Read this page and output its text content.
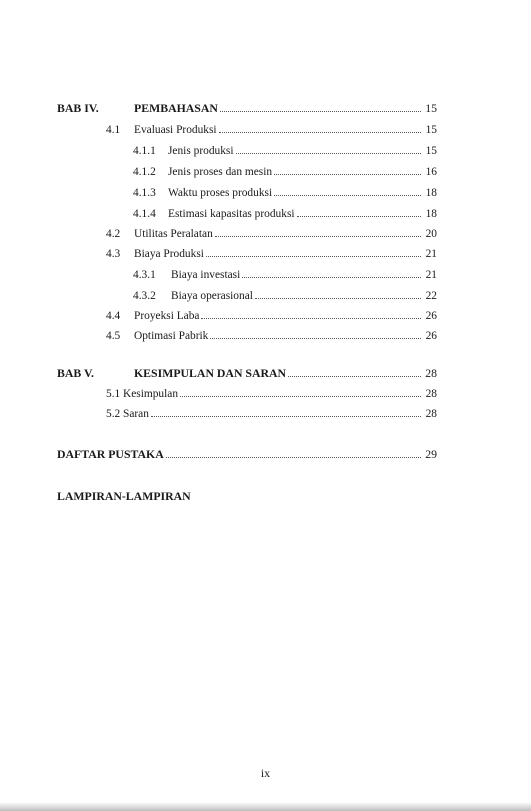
BAB IV.	PEMBAHASAN	15
4.1	Evaluasi Produksi	15
4.1.1	Jenis produksi	15
4.1.2	Jenis proses dan mesin	16
4.1.3	Waktu proses produksi	18
4.1.4	Estimasi kapasitas produksi	18
4.2	Utilitas Peralatan	20
4.3	Biaya Produksi	21
4.3.1	Biaya investasi	21
4.3.2	Biaya operasional	22
4.4	Proyeksi Laba	26
4.5	Optimasi Pabrik	26
BAB V.	KESIMPULAN DAN SARAN	28
5.1 Kesimpulan	28
5.2 Saran	28
DAFTAR PUSTAKA	29
LAMPIRAN-LAMPIRAN
ix
